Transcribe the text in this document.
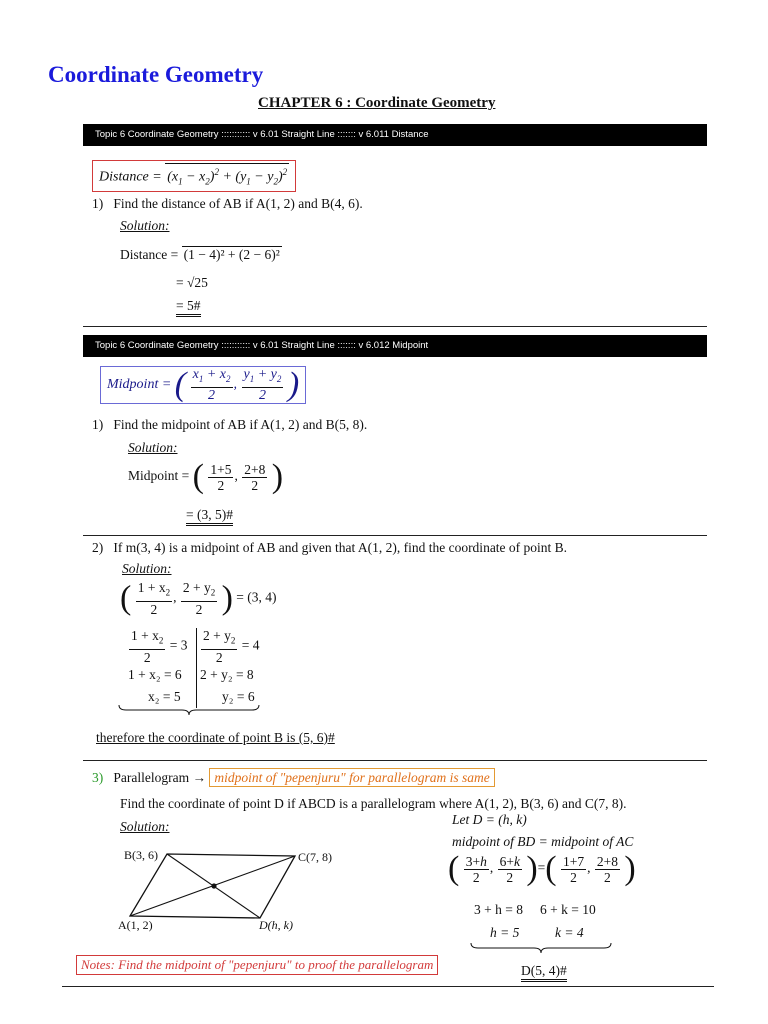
Coordinate Geometry
CHAPTER 6 : Coordinate Geometry
Topic 6 Coordinate Geometry ::::::::::: v 6.01 Straight Line ::::::: v 6.011 Distance
Distance = $(x_1 - x_2)^2 + (y_1 - y_2)^2$
1) Find the distance of AB if A(1, 2) and B(4, 6).
Solution:
Distance = (1 − 4)² + (2 − 6)²
= √25
= 5#
Topic 6 Coordinate Geometry ::::::::::: v 6.01 Straight Line ::::::: v 6.012 Midpoint
Midpoint = ( $\frac{x_1 + x_2}{2}$ , $\frac{y_1 + y_2}{2}$ )
1) Find the midpoint of AB if A(1, 2) and B(5, 8).
Solution:
Midpoint = ( $\frac{1+5}{2}$ , $\frac{2+8}{2}$ )
= (3, 5)#
2) If m(3, 4) is a midpoint of AB and given that A(1, 2), find the coordinate of point B.
Solution:
( $\frac{1 + x_2}{2}$ , $\frac{2 + y_2}{2}$ ) = (3, 4)
$\frac{1 + x_2}{2} = 3$
1 + x₂ = 6
x₂ = 5
$\frac{2 + y_2}{2} = 4$
2 + y₂ = 8
y₂ = 6
therefore the coordinate of point B is (5, 6)#
3) Parallelogram → midpoint of "pepenjuru" for parallelogram is same
Find the coordinate of point D if ABCD is a parallelogram where A(1, 2), B(3, 6) and C(7, 8).
Solution:
B(3, 6)	C(7, 8)
A(1, 2)	D(h, k)
Let D = (h, k)
midpoint of BD = midpoint of AC
( $\frac{3+h}{2}$ , $\frac{6+k}{2}$ )=( $\frac{1+7}{2}$ , $\frac{2+8}{2}$ )
3 + h = 8 6 + k = 10
h = 5	k = 4
Notes: Find the midpoint of "pepenjuru" to proof the parallelogram	D(5, 4)#
